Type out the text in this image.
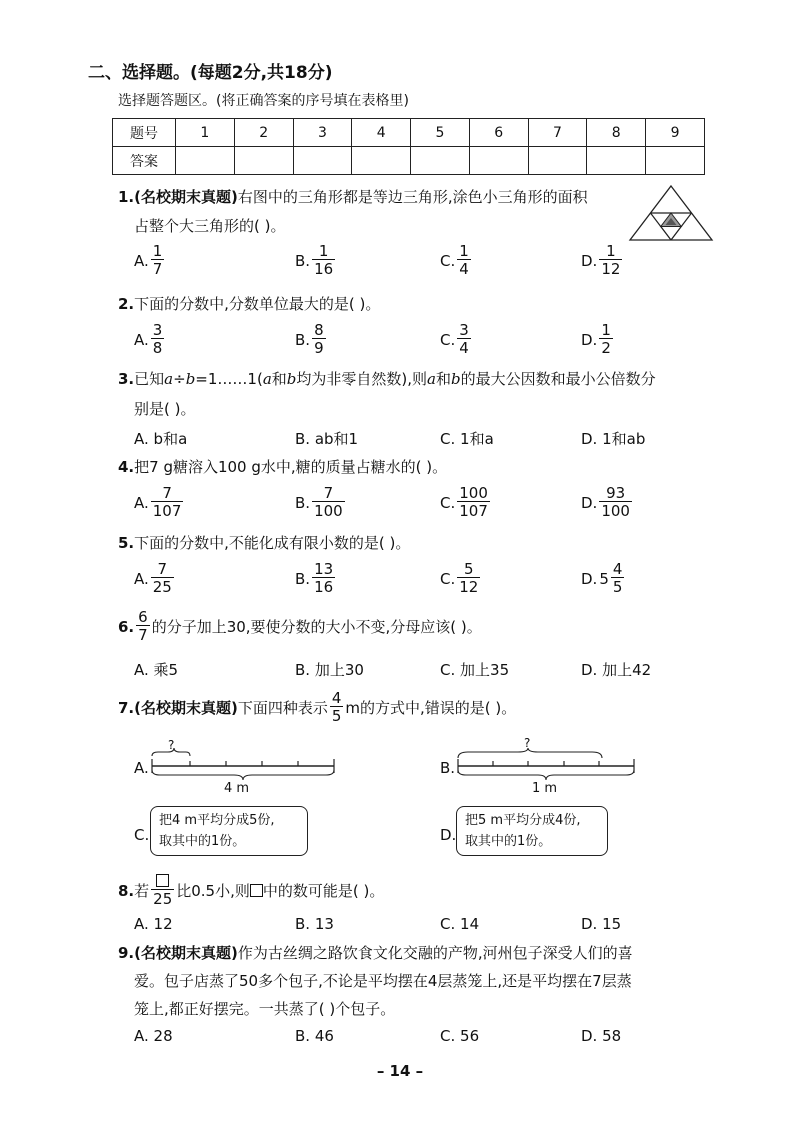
二、选择题。(每题2分,共18分)
选择题答题区。(将正确答案的序号填在表格里)
题号	1	2	3	4	5	6	7	8	9
答案									
1.(名校期末真题)右图中的三角形都是等边三角形,涂色小三角形的面积
占整个大三角形的( )。
A. $\frac{1}{7}$	B. $\frac{1}{16}$	C. $\frac{1}{4}$	D. $\frac{1}{12}$
2.下面的分数中,分数单位最大的是( )。
A. $\frac{3}{8}$	B. $\frac{8}{9}$	C. $\frac{3}{4}$	D. $\frac{1}{2}$
3.已知a÷b=1……1(a和b均为非零自然数),则a和b的最大公因数和最小公倍数分
别是( )。
A.
b和a	B.
ab和1	C.
1和a	D.
1和ab
4.把7 g糖溶入100 g水中,糖的质量占糖水的( )。
A. $\frac{7}{107}$	B. $\frac{7}{100}$	C. $\frac{100}{107}$	D. $\frac{93}{100}$
5.下面的分数中,不能化成有限小数的是( )。
A. $\frac{7}{25}$	B. $\frac{13}{16}$	C. $\frac{5}{12}$	D. $5 \frac{4}{5}$
6. $\frac{6}{7}$ 的分子加上30,要使分数的大小不变,分母应该( )。
A.
乘5	B.
加上30	C.
加上35	D.
加上42
7. (名校期末真题) 下面四种表示 $\frac{4}{5}$ m的方式中,错误的是( )。
A.
?
4 m
B.
?
1 m
C.
把4 m平均分成5份,
取其中的1份。	D.
把5 m平均分成4份,
取其中的1份。
8. 若 25 比0.5小,则 中的数可能是( )。
A.
12	B.
13	C.
14	D.
15
9.(名校期末真题)作为古丝绸之路饮食文化交融的产物,河州包子深受人们的喜
爱。包子店蒸了50多个包子,不论是平均摆在4层蒸笼上,还是平均摆在7层蒸
笼上,都正好摆完。一共蒸了( )个包子。
A.
28	B.
46	C.
56	D.
58
– 14 –
